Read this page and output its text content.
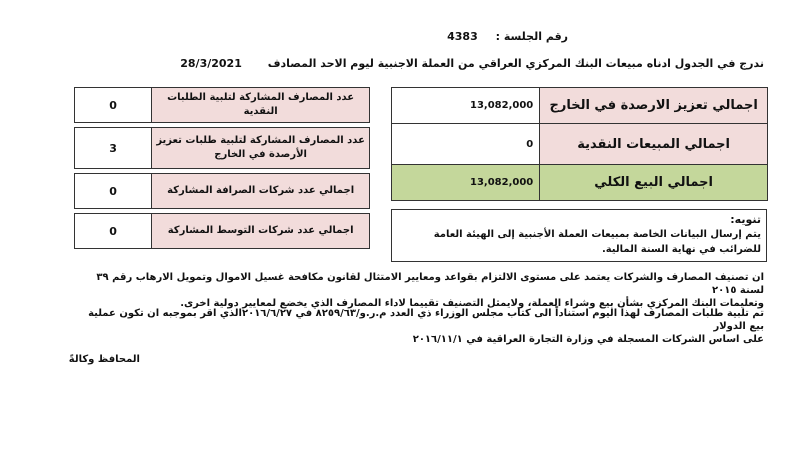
رقم الجلسة : 4383
ندرج في الجدول ادناه مبيعات البنك المركزي العراقي من العملة الاجنبية ليوم الاحد المصادف 28/3/2021
13,082,000	اجمالي تعزيز الارصدة في الخارج
0	اجمالي المبيعات النقدية
13,082,000	اجمالي البيع الكلي
0	عدد المصارف المشاركة لتلبية الطلبات النقدية

3	عدد المصارف المشاركة لتلبية طلبات تعزيز الأرصدة في الخارج

0	اجمالي عدد شركات الصرافة المشاركة

0	اجمالي عدد شركات التوسط المشاركة
تنويه:
يتم إرسال البيانات الخاصة بمبيعات العملة الأجنبية إلى الهيئة العامة للضرائب في نهاية السنة المالية.
ان تصنيف المصارف والشركات يعتمد على مستوى الالتزام بقواعد ومعايير الامتثال لقانون مكافحة غسيل الاموال وتمويل الارهاب رقم ٣٩ لسنة ٢٠١٥
وتعليمات البنك المركزي بشأن بيع وشراء العملة، ولايمثل التصنيف تقييما لاداء المصارف الذي يخضع لمعايير دولية اخرى.
تم تلبية طلبات المصارف لهذا اليوم استناداً الى كتاب مجلس الوزراء ذي العدد م.ر.و/٨٢٥٩/٦٣ في ٢٠١٦/٦/٢٧الذي اقر بموجبه ان تكون عملية بيع الدولار
على اساس الشركات المسجلة في وزارة التجارة العراقية في ٢٠١٦/١١/١
المحافظ وكالةً
